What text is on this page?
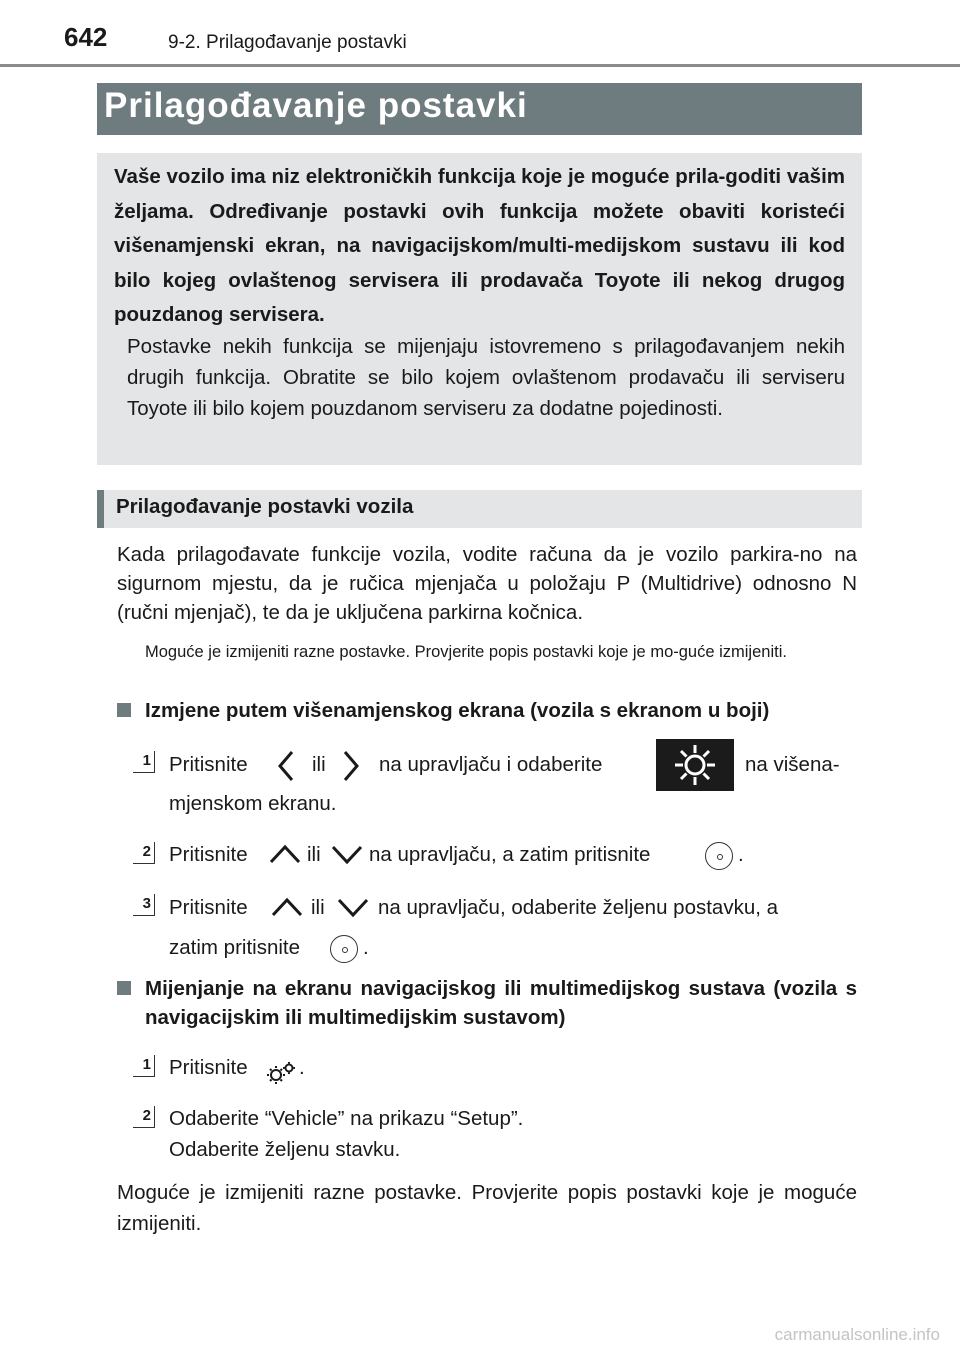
642	9-2. Prilagođavanje postavki
Prilagođavanje postavki
Vaše vozilo ima niz elektroničkih funkcija koje je moguće prila-goditi vašim željama. Određivanje postavki ovih funkcija možete obaviti koristeći višenamjenski ekran, na navigacijskom/multi-medijskom sustavu ili kod bilo kojeg ovlaštenog servisera ili prodavača Toyote ili nekog drugog pouzdanog servisera.
Postavke nekih funkcija se mijenjaju istovremeno s prilagođavanjem nekih drugih funkcija. Obratite se bilo kojem ovlaštenom prodavaču ili serviseru Toyote ili bilo kojem pouzdanom serviseru za dodatne pojedinosti.
Prilagođavanje postavki vozila
Kada prilagođavate funkcije vozila, vodite računa da je vozilo parkira-no na sigurnom mjestu, da je ručica mjenjača u položaju P (Multidrive) odnosno N (ručni mjenjač), te da je uključena parkirna kočnica.
Moguće je izmijeniti razne postavke. Provjerite popis postavki koje je mo-guće izmijeniti.
Izmjene putem višenamjenskog ekrana (vozila s ekranom u boji)
1 Pritisnite	ili	na upravljaču i odaberite	na višena-
mjenskom ekranu.
2 Pritisnite	ili na upravljaču, a zatim pritisnite	.
3 Pritisnite	ili	na upravljaču, odaberite željenu postavku, a
zatim pritisnite	.
Mijenjanje na ekranu navigacijskog ili multimedijskog sustava (vozila s navigacijskim ili multimedijskim sustavom)
1 Pritisnite	.
2 Odaberite “Vehicle” na prikazu “Setup”.
Odaberite željenu stavku.
Moguće je izmijeniti razne postavke. Provjerite popis postavki koje je moguće izmijeniti.
carmanualsonline.info
